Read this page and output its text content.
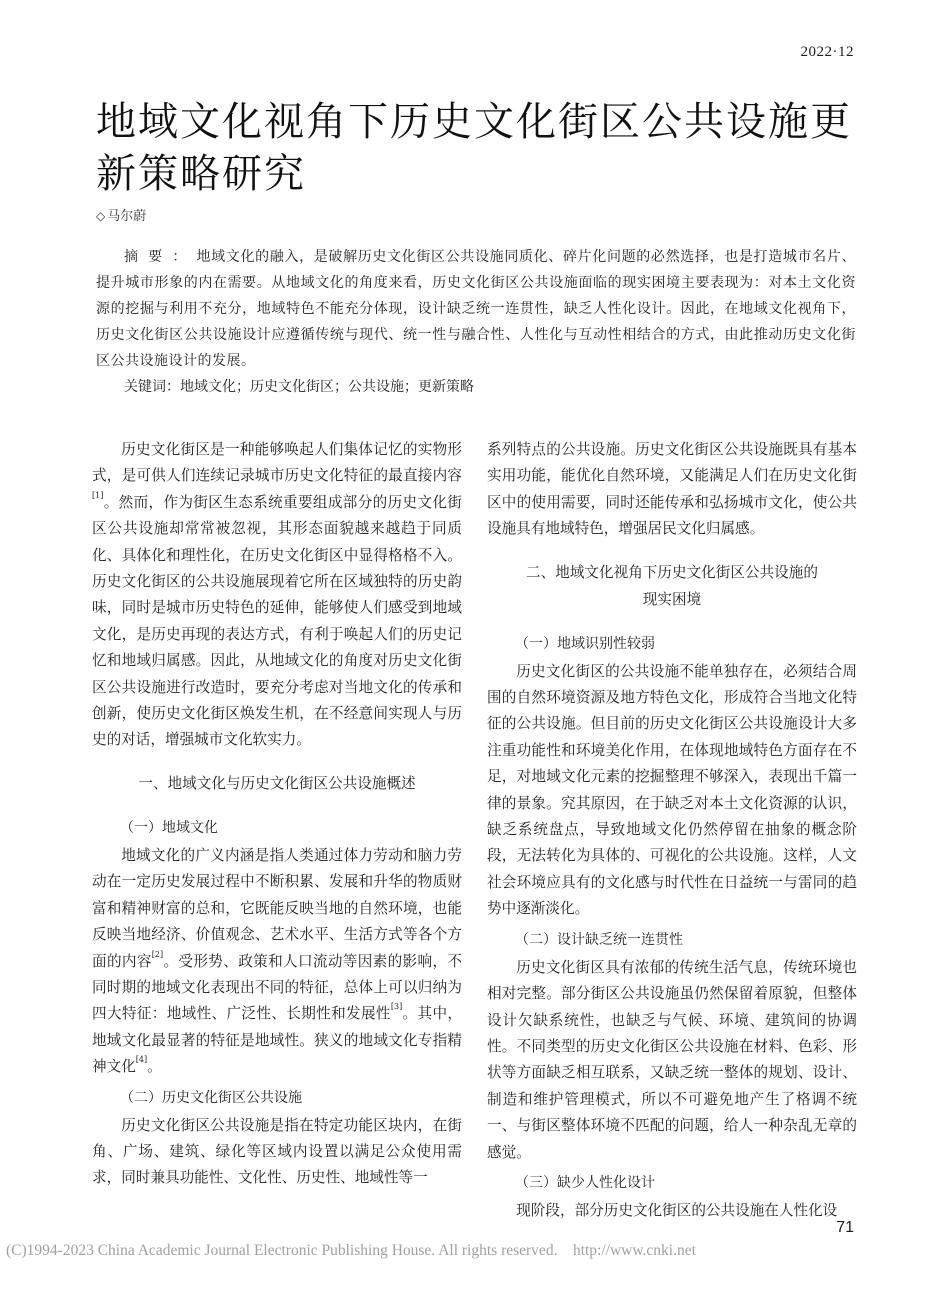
2022·12
地域文化视角下历史文化街区公共设施更新策略研究
◇ 马尔蔚
摘要：地域文化的融入，是破解历史文化街区公共设施同质化、碎片化问题的必然选择，也是打造城市名片、提升城市形象的内在需要。从地域文化的角度来看，历史文化街区公共设施面临的现实困境主要表现为：对本土文化资源的挖掘与利用不充分，地域特色不能充分体现，设计缺乏统一连贯性，缺乏人性化设计。因此，在地域文化视角下，历史文化街区公共设施设计应遵循传统与现代、统一性与融合性、人性化与互动性相结合的方式，由此推动历史文化街区公共设施设计的发展。
关键词：地域文化；历史文化街区；公共设施；更新策略

历史文化街区是一种能够唤起人们集体记忆的实物形式，是可供人们连续记录城市历史文化特征的最直接内容[1]。然而，作为街区生态系统重要组成部分的历史文化街区公共设施却常常被忽视，其形态面貌越来越趋于同质化、具体化和理性化，在历史文化街区中显得格格不入。历史文化街区的公共设施展现着它所在区域独特的历史韵味，同时是城市历史特色的延伸，能够使人们感受到地域文化，是历史再现的表达方式，有利于唤起人们的历史记忆和地域归属感。因此，从地域文化的角度对历史文化街区公共设施进行改造时，要充分考虑对当地文化的传承和创新，使历史文化街区焕发生机，在不经意间实现人与历史的对话，增强城市文化软实力。

一、地域文化与历史文化街区公共设施概述
（一）地域文化

地域文化的广义内涵是指人类通过体力劳动和脑力劳动在一定历史发展过程中不断积累、发展和升华的物质财富和精神财富的总和，它既能反映当地的自然环境，也能反映当地经济、价值观念、艺术水平、生活方式等各个方面的内容[2]。受形势、政策和人口流动等因素的影响，不同时期的地域文化表现出不同的特征，总体上可以归纳为四大特征：地域性、广泛性、长期性和发展性[3]。其中，地域文化最显著的特征是地域性。狭义的地域文化专指精神文化[4]。

（二）历史文化街区公共设施

历史文化街区公共设施是指在特定功能区块内，在街角、广场、建筑、绿化等区域内设置以满足公众使用需求，同时兼具功能性、文化性、历史性、地域性等一

系列特点的公共设施。历史文化街区公共设施既具有基本实用功能，能优化自然环境，又能满足人们在历史文化街区中的使用需要，同时还能传承和弘扬城市文化，使公共设施具有地域特色，增强居民文化归属感。

二、地域文化视角下历史文化街区公共设施的
现实困境
（一）地域识别性较弱

历史文化街区的公共设施不能单独存在，必须结合周围的自然环境资源及地方特色文化，形成符合当地文化特征的公共设施。但目前的历史文化街区公共设施设计大多注重功能性和环境美化作用，在体现地域特色方面存在不足，对地域文化元素的挖掘整理不够深入，表现出千篇一律的景象。究其原因，在于缺乏对本土文化资源的认识，缺乏系统盘点，导致地域文化仍然停留在抽象的概念阶段，无法转化为具体的、可视化的公共设施。这样，人文社会环境应具有的文化感与时代性在日益统一与雷同的趋势中逐渐淡化。

（二）设计缺乏统一连贯性

历史文化街区具有浓郁的传统生活气息，传统环境也相对完整。部分街区公共设施虽仍然保留着原貌，但整体设计欠缺系统性，也缺乏与气候、环境、建筑间的协调性。不同类型的历史文化街区公共设施在材料、色彩、形状等方面缺乏相互联系，又缺乏统一整体的规划、设计、制造和维护管理模式，所以不可避免地产生了格调不统一、与街区整体环境不匹配的问题，给人一种杂乱无章的感觉。

（三）缺少人性化设计

现阶段，部分历史文化街区的公共设施在人性化设

71
(C)1994-2023 China Academic Journal Electronic Publishing House. All rights reserved.    http://www.cnki.net
